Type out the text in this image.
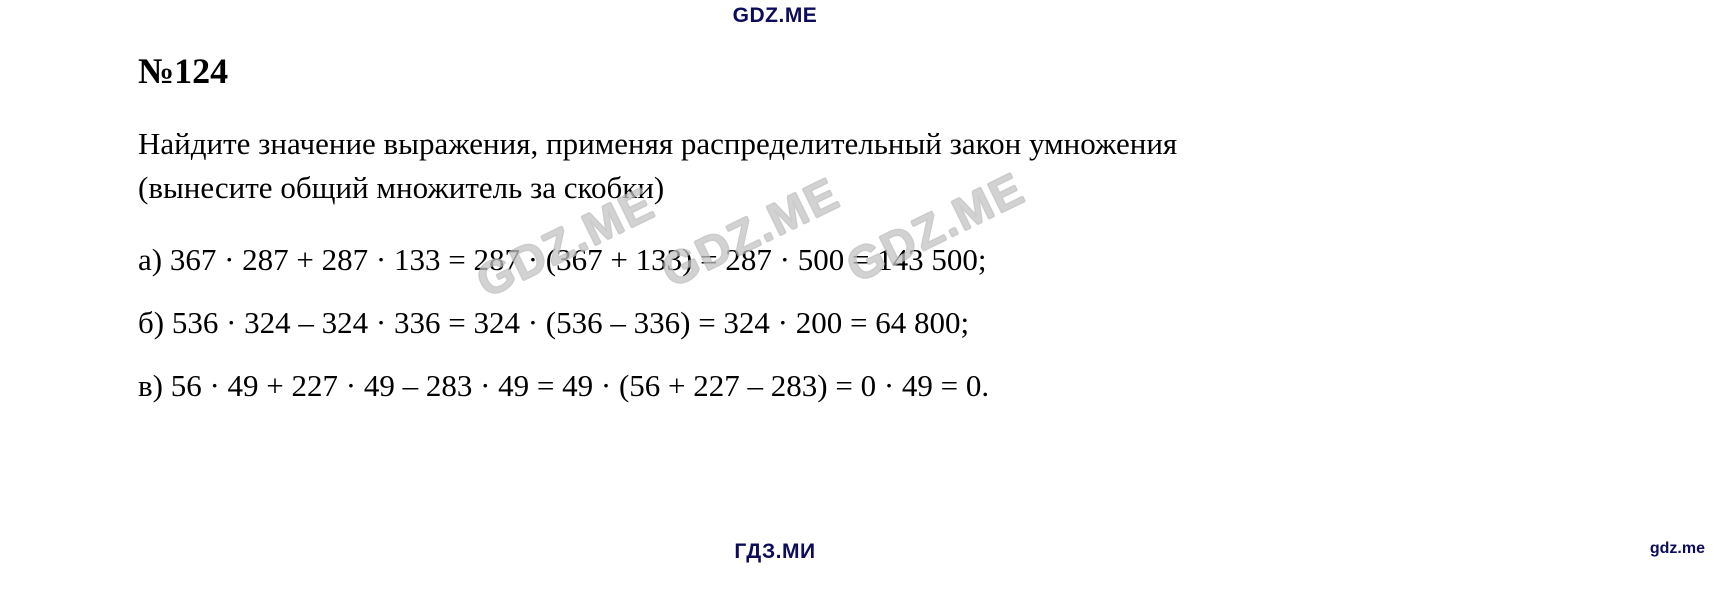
GDZ.ME
№124

Найдите значение выражения, применяя распределительный закон умножения (вынесите общий множитель за скобки)

а) 367 · 287 + 287 · 133 = 287 · (367 + 133) = 287 · 500 = 143 500;

б) 536 · 324 – 324 · 336 = 324 · (536 – 336) = 324 · 200 = 64 800;

в) 56 · 49 + 227 · 49 – 283 · 49 = 49 · (56 + 227 – 283) = 0 · 49 = 0.

GDZ.ME
GDZ.ME
GDZ.ME
ГДЗ.МИ	gdz.me
